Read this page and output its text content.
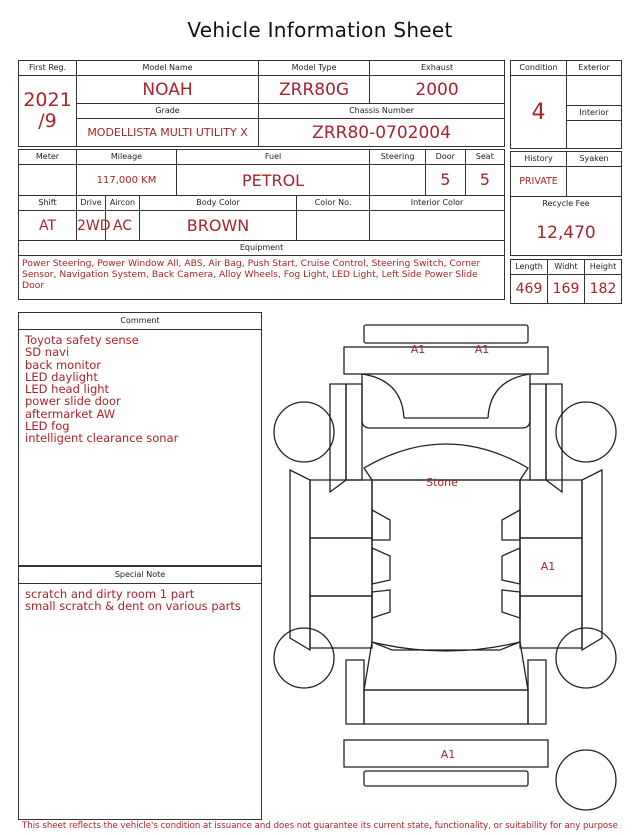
Vehicle Information Sheet
First Reg.	Model Name				Model Type		Exhaust	

2021
/9	NOAH				ZRR80G		2000	
	Grade				Chassis Number			
	MODELLISTA MULTI UTILITY X				ZRR80-0702004			

Meter	Mileage			Fuel			Steering	Door Seat

	117,000 KM			PETROL				5 5

Shift	Drive	Aircon	Body Color			Color No.	Interior Color	
AT	2WD	AC	BROWN					
Equipment								
Power Steering, Power Window All, ABS, Air Bag, Push Start, Cruise Control, Steering Switch, Corner Sensor, Navigation System, Back Camera, Alloy Wheels, Fog Light, LED Light, Left Side Power Slide Door								
Condition	Exterior
4	
	Interior

History	Syaken
PRIVATE	
Recycle Fee	
12,470	
Length	Widht	Height
469	169	182
Comment
Toyota safety sense
SD navi
back monitor
LED daylight
LED head light
power slide door
aftermarket AW
LED fog
intelligent clearance sonar
Special Note
scratch and dirty room 1 part
small scratch & dent on various parts
A1	A1
Stone
A1
A1
This sheet reflects the vehicle's condition at issuance and does not guarantee its current state, functionality, or suitability for any purpose
